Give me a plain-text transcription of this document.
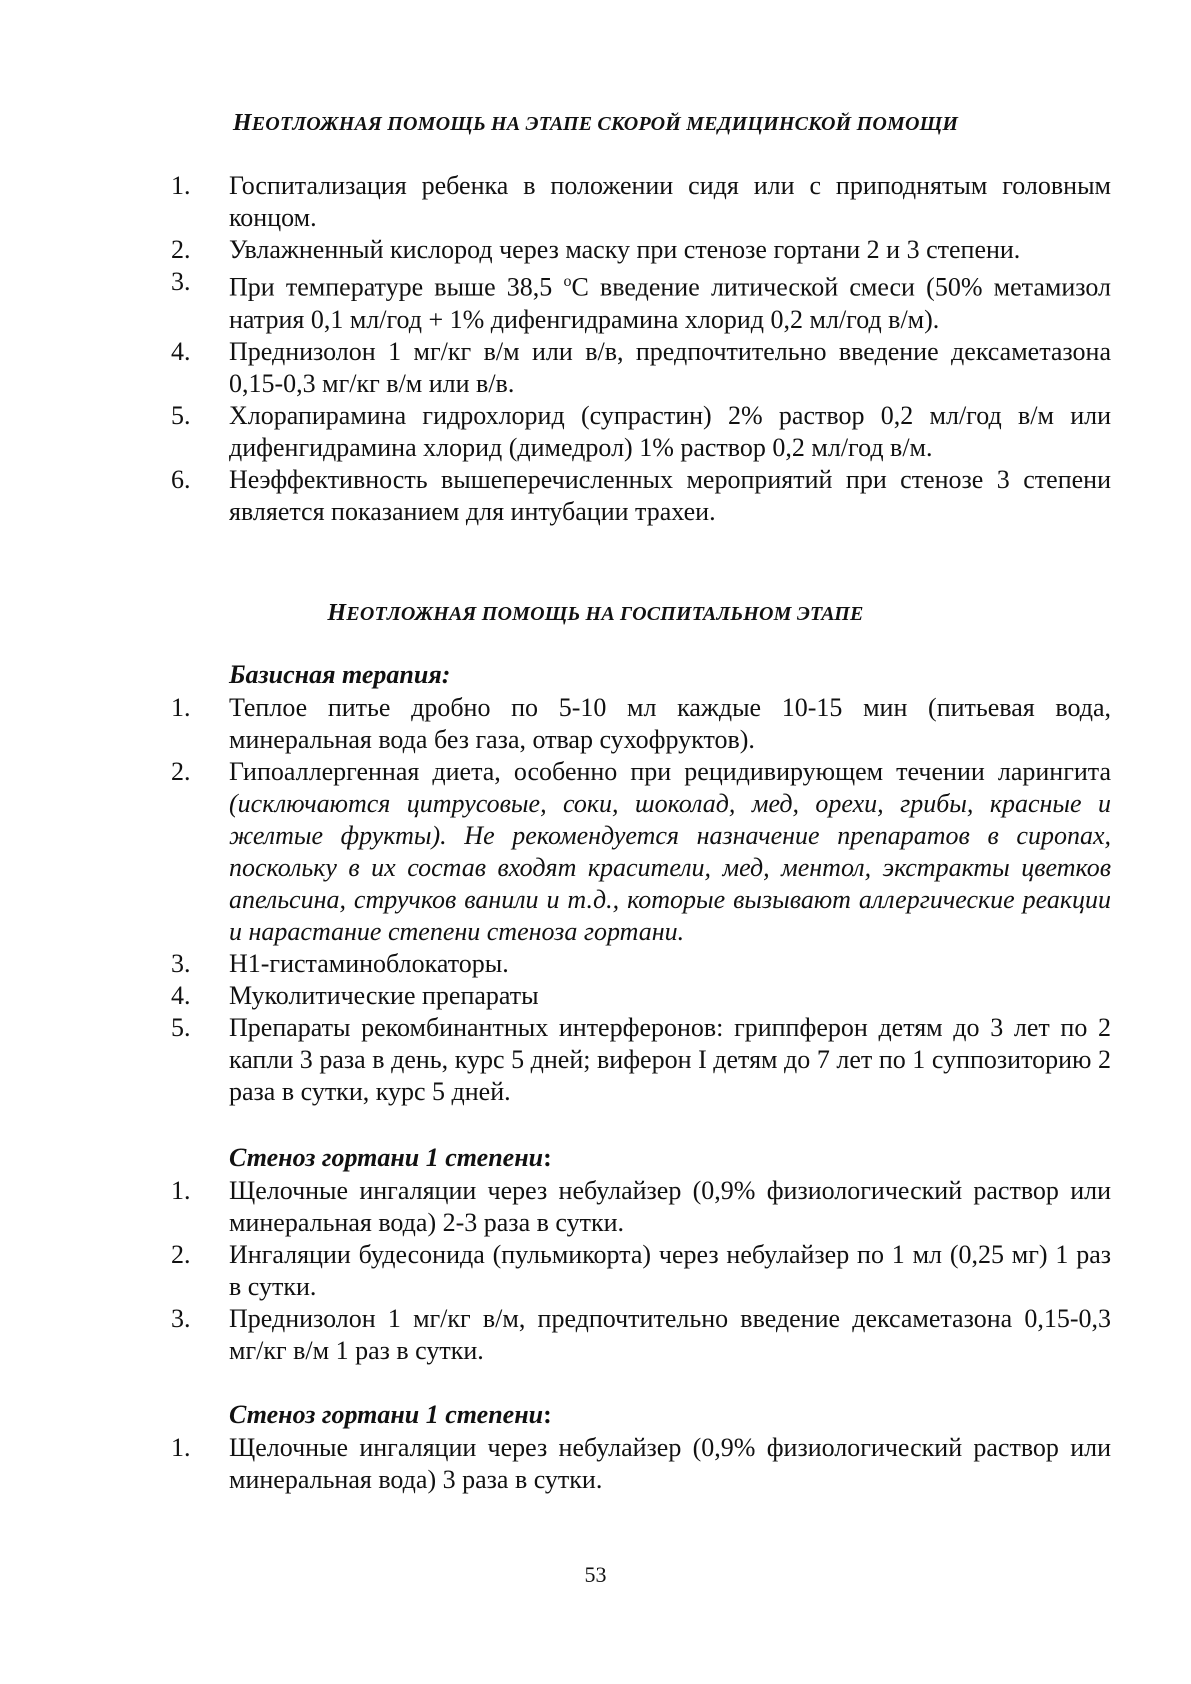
НЕОТЛОЖНАЯ ПОМОЩЬ НА ЭТАПЕ СКОРОЙ МЕДИЦИНСКОЙ ПОМОЩИ
1. Госпитализация ребенка в положении сидя или с приподнятым головным концом.
2. Увлажненный кислород через маску при стенозе гортани 2 и 3 степени.
3. При температуре выше 38,5 $^о$С введение литической смеси (50% метамизол натрия 0,1 мл/год + 1% дифенгидрамина хлорид 0,2 мл/год в/м).
4. Преднизолон 1 мг/кг в/м или в/в, предпочтительно введение дексаметазона 0,15-0,3 мг/кг в/м или в/в.
5. Хлорапирамина гидрохлорид (супрастин) 2% раствор 0,2 мл/год в/м или дифенгидрамина хлорид (димедрол) 1% раствор 0,2 мл/год в/м.
6. Неэффективность вышеперечисленных мероприятий при стенозе 3 степени является показанием для интубации трахеи.
НЕОТЛОЖНАЯ ПОМОЩЬ НА ГОСПИТАЛЬНОМ ЭТАПЕ
Базисная терапия:
1. Теплое питье дробно по 5-10 мл каждые 10-15 мин (питьевая вода, минеральная вода без газа, отвар сухофруктов).
2. Гипоаллергенная диета, особенно при рецидивирующем течении ларингита (исключаются цитрусовые, соки, шоколад, мед, орехи, грибы, красные и желтые фрукты). Не рекомендуется назначение препаратов в сиропах, поскольку в их состав входят красители, мед, ментол, экстракты цветков апельсина, стручков ванили и т.д., которые вызывают аллергические реакции и нарастание степени стеноза гортани.
3. Н1-гистаминоблокаторы.
4. Муколитические препараты
5. Препараты рекомбинантных интерферонов: гриппферон детям до 3 лет по 2 капли 3 раза в день, курс 5 дней; виферон I детям до 7 лет по 1 суппозиторию 2 раза в сутки, курс 5 дней.
Стеноз гортани 1 степени:
1. Щелочные ингаляции через небулайзер (0,9% физиологический раствор или минеральная вода) 2-3 раза в сутки.
2. Ингаляции будесонида (пульмикорта) через небулайзер по 1 мл (0,25 мг) 1 раз в сутки.
3. Преднизолон 1 мг/кг в/м, предпочтительно введение дексаметазона 0,15-0,3 мг/кг в/м 1 раз в сутки.
Стеноз гортани 1 степени:
1. Щелочные ингаляции через небулайзер (0,9% физиологический раствор или минеральная вода) 3 раза в сутки.
53
